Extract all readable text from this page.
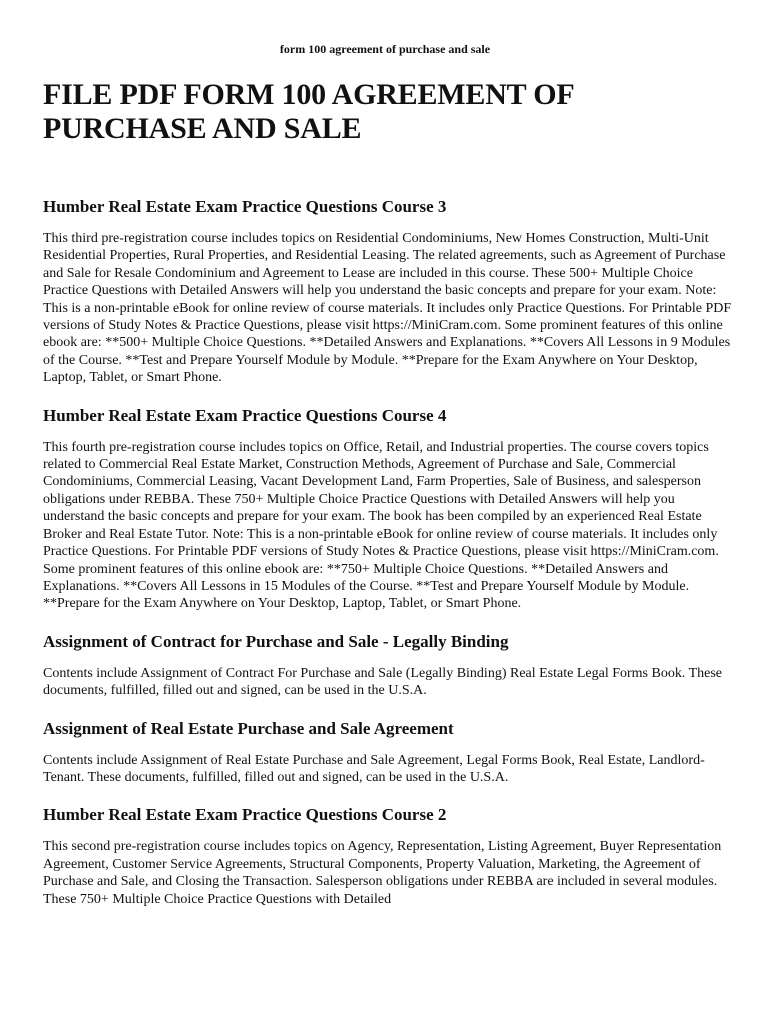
form 100 agreement of purchase and sale
FILE PDF FORM 100 AGREEMENT OF PURCHASE AND SALE
Humber Real Estate Exam Practice Questions Course 3

This third pre-registration course includes topics on Residential Condominiums, New Homes Construction, Multi-Unit Residential Properties, Rural Properties, and Residential Leasing. The related agreements, such as Agreement of Purchase and Sale for Resale Condominium and Agreement to Lease are included in this course. These 500+ Multiple Choice Practice Questions with Detailed Answers will help you understand the basic concepts and prepare for your exam. Note: This is a non-printable eBook for online review of course materials. It includes only Practice Questions. For Printable PDF versions of Study Notes & Practice Questions, please visit https://MiniCram.com. Some prominent features of this online ebook are: **500+ Multiple Choice Questions. **Detailed Answers and Explanations. **Covers All Lessons in 9 Modules of the Course. **Test and Prepare Yourself Module by Module. **Prepare for the Exam Anywhere on Your Desktop, Laptop, Tablet, or Smart Phone.

Humber Real Estate Exam Practice Questions Course 4

This fourth pre-registration course includes topics on Office, Retail, and Industrial properties. The course covers topics related to Commercial Real Estate Market, Construction Methods, Agreement of Purchase and Sale, Commercial Condominiums, Commercial Leasing, Vacant Development Land, Farm Properties, Sale of Business, and salesperson obligations under REBBA. These 750+ Multiple Choice Practice Questions with Detailed Answers will help you understand the basic concepts and prepare for your exam. The book has been compiled by an experienced Real Estate Broker and Real Estate Tutor. Note: This is a non-printable eBook for online review of course materials. It includes only Practice Questions. For Printable PDF versions of Study Notes & Practice Questions, please visit https://MiniCram.com. Some prominent features of this online ebook are: **750+ Multiple Choice Questions. **Detailed Answers and Explanations. **Covers All Lessons in 15 Modules of the Course. **Test and Prepare Yourself Module by Module. **Prepare for the Exam Anywhere on Your Desktop, Laptop, Tablet, or Smart Phone.

Assignment of Contract for Purchase and Sale - Legally Binding

Contents include Assignment of Contract For Purchase and Sale (Legally Binding) Real Estate Legal Forms Book. These documents, fulfilled, filled out and signed, can be used in the U.S.A.

Assignment of Real Estate Purchase and Sale Agreement

Contents include Assignment of Real Estate Purchase and Sale Agreement, Legal Forms Book, Real Estate, Landlord-Tenant. These documents, fulfilled, filled out and signed, can be used in the U.S.A.

Humber Real Estate Exam Practice Questions Course 2

This second pre-registration course includes topics on Agency, Representation, Listing Agreement, Buyer Representation Agreement, Customer Service Agreements, Structural Components, Property Valuation, Marketing, the Agreement of Purchase and Sale, and Closing the Transaction. Salesperson obligations under REBBA are included in several modules. These 750+ Multiple Choice Practice Questions with Detailed
